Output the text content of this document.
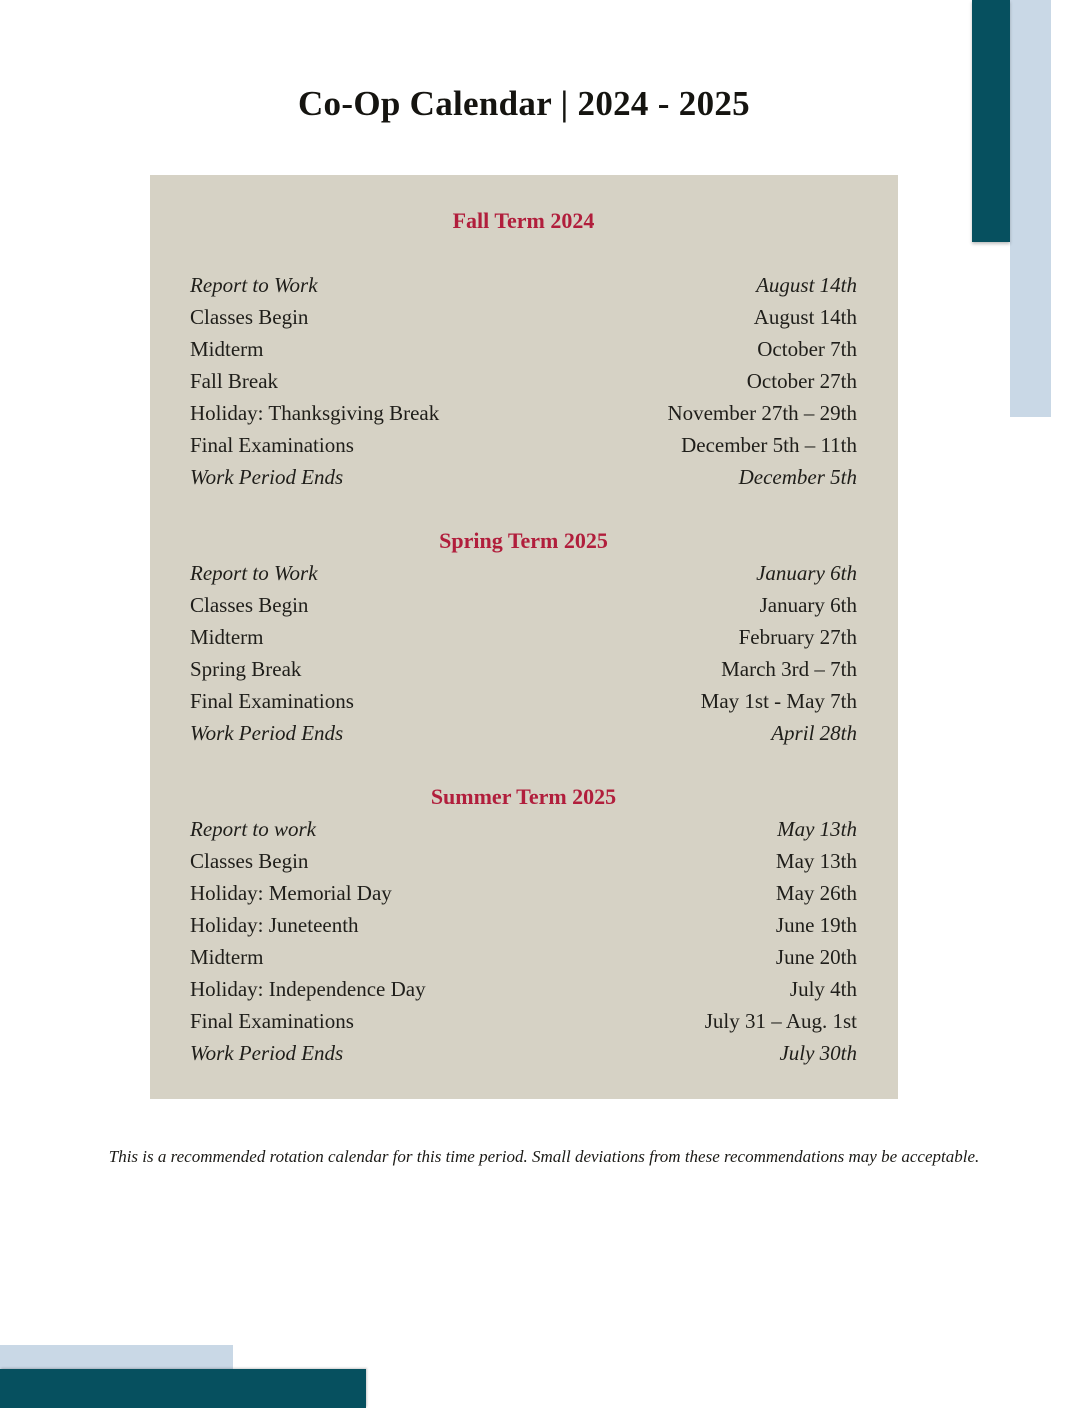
Co-Op Calendar | 2024 - 2025
Fall Term 2024
Report to Work	August 14th
Classes Begin	August 14th
Midterm	October 7th
Fall Break	October 27th
Holiday: Thanksgiving Break	November 27th – 29th
Final Examinations	December 5th – 11th
Work Period Ends	December 5th
Spring Term 2025
Report to Work	January 6th
Classes Begin	January 6th
Midterm	February 27th
Spring Break	March 3rd – 7th
Final Examinations	May 1st - May 7th
Work Period Ends	April 28th
Summer Term 2025
Report to work	May 13th
Classes Begin	May 13th
Holiday: Memorial Day	May 26th
Holiday: Juneteenth	June 19th
Midterm	June 20th
Holiday: Independence Day	July 4th
Final Examinations	July 31 – Aug. 1st
Work Period Ends	July 30th

This is a recommended rotation calendar for this time period. Small deviations from these recommendations may be acceptable.
